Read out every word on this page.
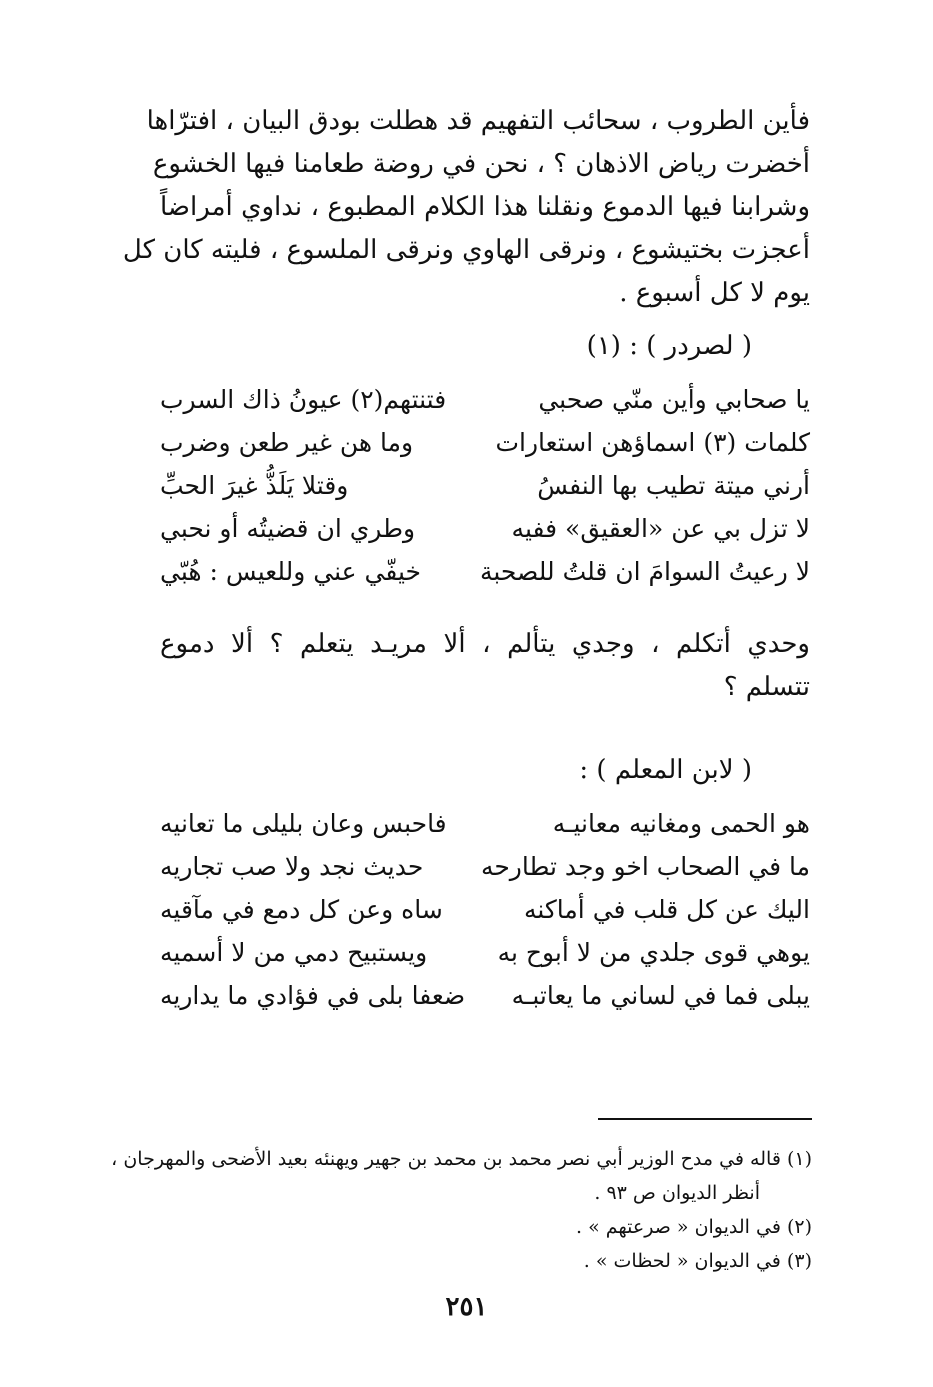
فأين الطروب ، سحائب التفهيم قد هطلت بودق البيان ، افترّاها
أخضرت رياض الاذهان ؟ ، نحن في روضة طعامنا فيها الخشوع
وشرابنا فيها الدموع ونقلنا هذا الكلام المطبوع ، نداوي أمراضاً
أعجزت بختيشوع ، ونرقى الهاوي ونرقى الملسوع ، فليته كان كل
يوم لا كل أسبوع .
( لصردر ) : (١)
يا صحابي وأين منّي صحبي
فتنتهم(٢) عيونُ ذاك السرب
كلمات (٣) اسماؤهن استعارات
وما هن غير طعن وضرب
أرني ميتة تطيب بها النفسُ
وقتلا يَلَذُّ غيرَ الحبِّ
لا تزل بي عن «العقيق» ففيه
وطري ان قضيتُه أو نحبي
لا رعيتُ السوامَ ان قلتُ للصحبة
خيفّي عني وللعيس : هُبّي
وحدي أتكلم ، وجدي يتألم ، ألا مريـد يتعلم ؟ ألا دموع
تتسلم ؟
( لابن المعلم ) :
هو الحمى ومغانيه معانيـه
فاحبس وعان بليلى ما تعانيه
ما في الصحاب اخو وجد تطارحه
حديث نجد ولا صب تجاريه
اليك عن كل قلب في أماكنه
ساه وعن كل دمع في مآقيه
يوهي قوى جلدي من لا أبوح به
ويستبيح دمي من لا أسميه
يبلى فما في لساني ما يعاتبـه
ضعفا بلى في فؤادي ما يداريه
(١) قاله في مدح الوزير أبي نصر محمد بن محمد بن جهير ويهنئه بعيد الأضحى والمهرجان ،
أنظر الديوان ص ٩٣ .
(٢) في الديوان « صرعتهم » .
(٣) في الديوان « لحظات » .
٢٥١
